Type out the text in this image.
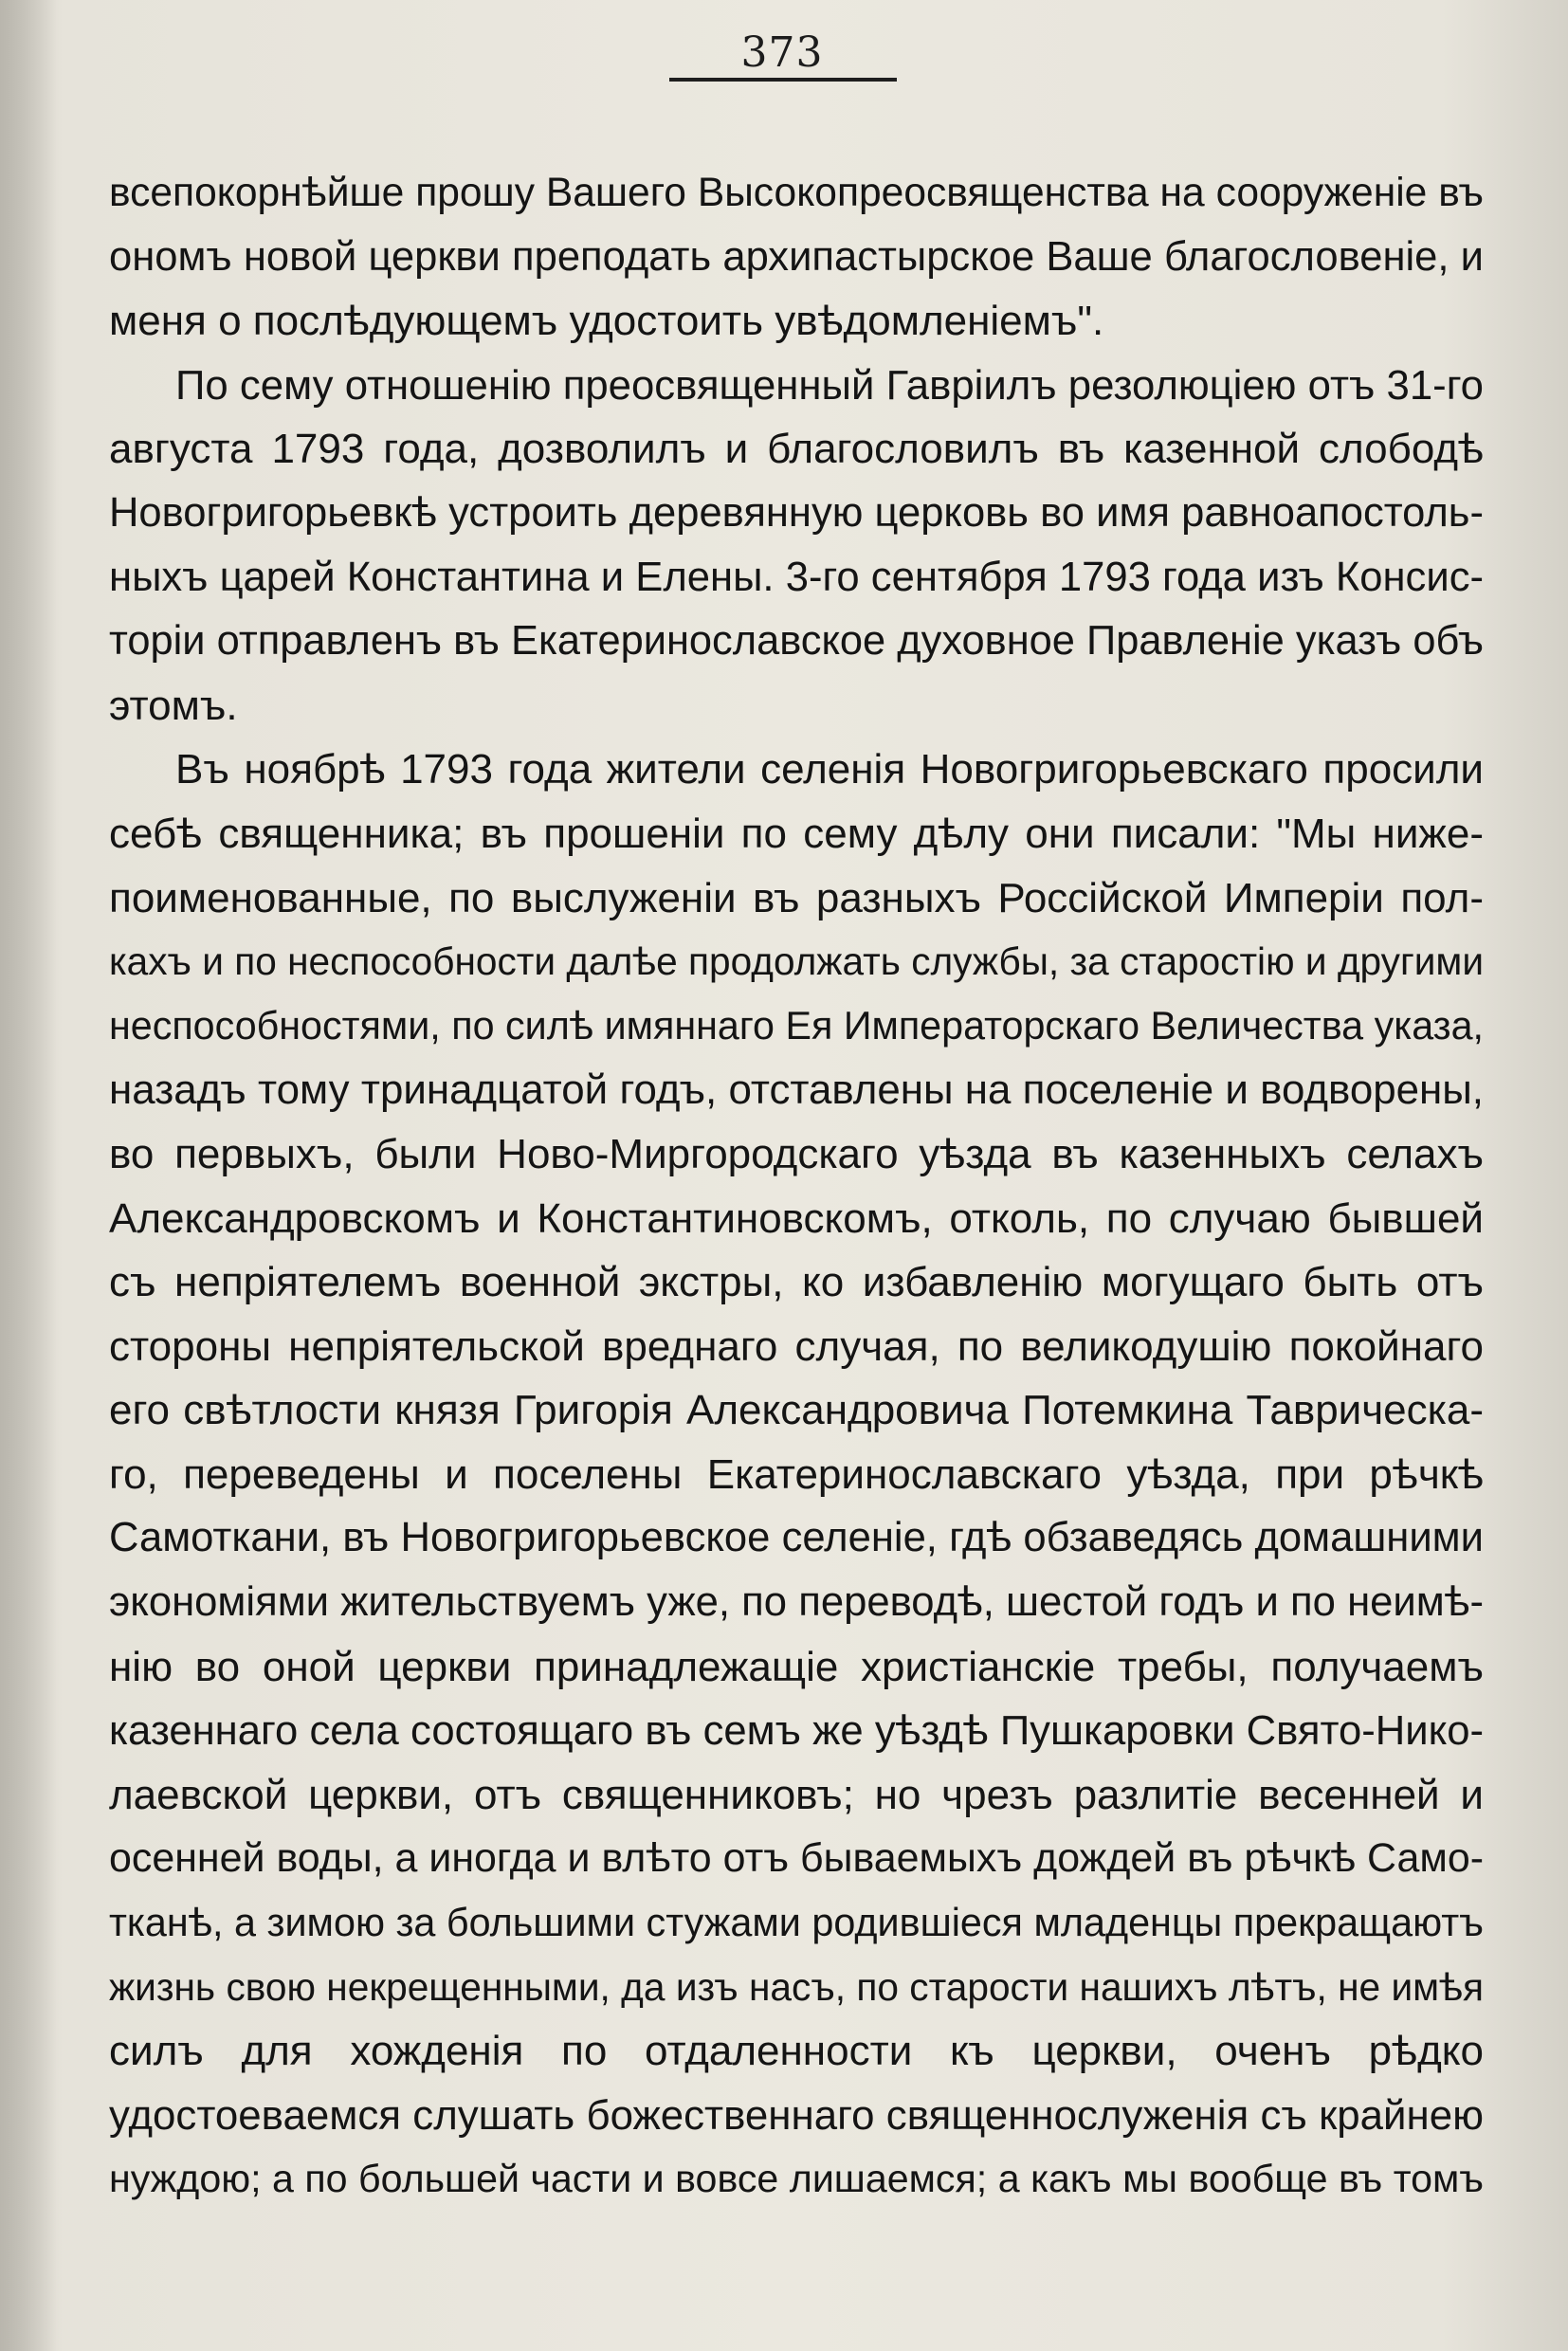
373
всепокорнѣйше прошу Вашего Высокопреосвященства на сооруженіе въ
ономъ новой церкви преподать архипастырское Ваше благословеніе, и
меня о послѣдующемъ удостоить увѣдомленіемъ".
По сему отношенію преосвященный Гавріилъ резолюціею отъ 31-го
августа 1793 года, дозволилъ и благословилъ въ казенной слободѣ
Новогригорьевкѣ устроить деревянную церковь во имя равноапостоль-
ныхъ царей Константина и Елены. 3-го сентября 1793 года изъ Консис-
торіи отправленъ въ Екатеринославское духовное Правленіе указъ объ
этомъ.
Въ ноябрѣ 1793 года жители селенія Новогригорьевскаго просили
себѣ священника; въ прошеніи по сему дѣлу они писали: "Мы ниже-
поименованные, по выслуженіи въ разныхъ Россійской Имперіи пол-
кахъ и по неспособности далѣе продолжать службы, за старостію и другими
неспособностями, по силѣ имяннаго Ея Императорскаго Величества указа,
назадъ тому тринадцатой годъ, отставлены на поселеніе и водворены,
во первыхъ, были Ново-Миргородскаго уѣзда въ казенныхъ селахъ
Александровскомъ и Константиновскомъ, отколь, по случаю бывшей
съ непріятелемъ военной экстры, ко избавленію могущаго быть отъ
стороны непріятельской вреднаго случая, по великодушію покойнаго
его свѣтлости князя Григорія Александровича Потемкина Таврическа-
го, переведены и поселены Екатеринославскаго уѣзда, при рѣчкѣ
Самоткани, въ Новогригорьевское селеніе, гдѣ обзаведясь домашними
экономіями жительствуемъ уже, по переводѣ, шестой годъ и по неимѣ-
нію во оной церкви принадлежащіе христіанскіе требы, получаемъ
казеннаго села состоящаго въ семъ же уѣздѣ Пушкаровки Свято-Нико-
лаевской церкви, отъ священниковъ; но чрезъ разлитіе весенней и
осенней воды, а иногда и влѣто отъ бываемыхъ дождей въ рѣчкѣ Само-
тканѣ, а зимою за большими стужами родившіеся младенцы прекращаютъ
жизнь свою некрещенными, да изъ насъ, по старости нашихъ лѣтъ, не имѣя
силъ для хожденія по отдаленности къ церкви, оченъ рѣдко
удостоеваемся слушать божественнаго священнослуженія съ крайнею
нуждою; а по большей части и вовсе лишаемся; а какъ мы вообще въ томъ
